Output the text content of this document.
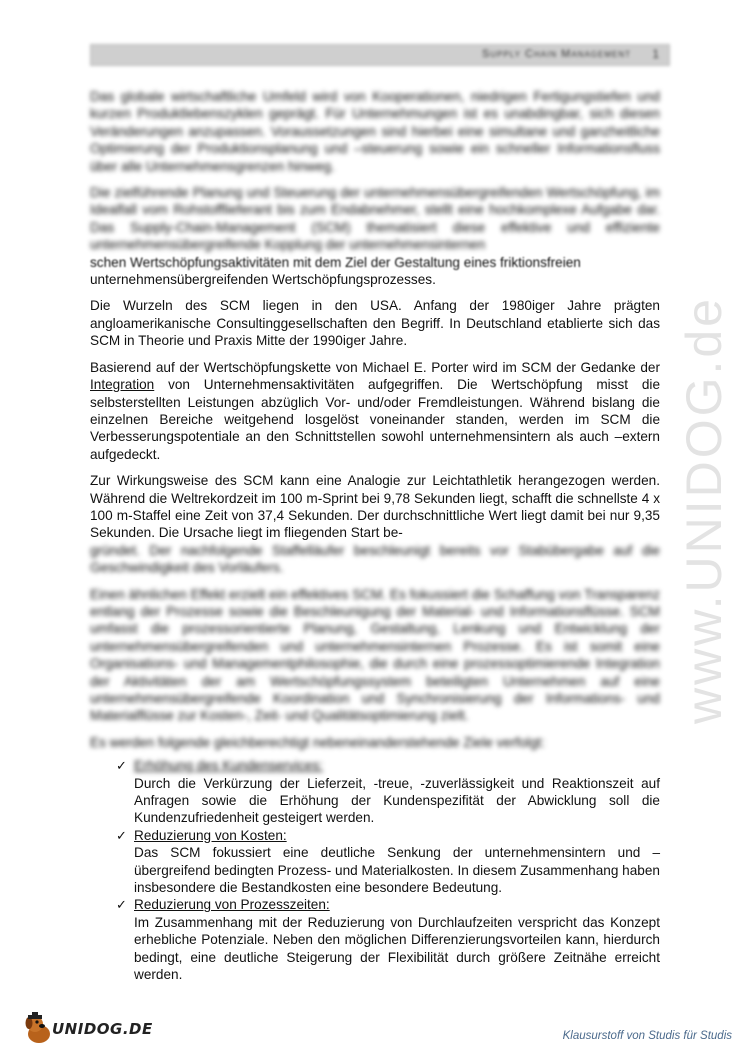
Supply Chain Management 1

Das globale wirtschaftliche Umfeld wird von Kooperationen, niedrigen Fertigungstiefen und kurzen Produktlebenszyklen geprägt. Für Unternehmungen ist es unabdingbar, sich diesen Veränderungen anzupassen. Voraussetzungen sind hierbei eine simultane und ganzheitliche Optimierung der Produktionsplanung und –steuerung sowie ein schneller Informationsfluss über alle Unternehmensgrenzen hinweg.

Die zielführende Planung und Steuerung der unternehmensübergreifenden Wertschöpfung, im Idealfall vom Rohstofflieferant bis zum Endabnehmer, stellt eine hochkomplexe Aufgabe dar. Das Supply-Chain-Management (SCM) thematisiert diese effektive und effiziente unternehmensübergreifende Kopplung der unternehmensinternen

schen Wertschöpfungsaktivitäten mit dem Ziel der Gestaltung eines friktionsfreien

unternehmensübergreifenden Wertschöpfungsprozesses.

Die Wurzeln des SCM liegen in den USA. Anfang der 1980iger Jahre prägten angloamerikanische Consultinggesellschaften den Begriff. In Deutschland etablierte sich das SCM in Theorie und Praxis Mitte der 1990iger Jahre.

Basierend auf der Wertschöpfungskette von Michael E. Porter wird im SCM der Gedanke der Integration von Unternehmensaktivitäten aufgegriffen. Die Wertschöpfung misst die selbsterstellten Leistungen abzüglich Vor- und/oder Fremdleistungen. Während bislang die einzelnen Bereiche weitgehend losgelöst voneinander standen, werden im SCM die Verbesserungspotentiale an den Schnittstellen sowohl unternehmensintern als auch –extern aufgedeckt.

Zur Wirkungsweise des SCM kann eine Analogie zur Leichtathletik herangezogen werden. Während die Weltrekordzeit im 100 m-Sprint bei 9,78 Sekunden liegt, schafft die schnellste 4 x 100 m-Staffel eine Zeit von 37,4 Sekunden. Der durchschnittliche Wert liegt damit bei nur 9,35 Sekunden. Die Ursache liegt im fliegenden Start be-

gründet. Der nachfolgende Staffelläufer beschleunigt bereits vor Stabübergabe auf die Geschwindigkeit des Vorläufers.

Einen ähnlichen Effekt erzielt ein effektives SCM. Es fokussiert die Schaffung von Transparenz entlang der Prozesse sowie die Beschleunigung der Material- und Informationsflüsse. SCM umfasst die prozessorientierte Planung, Gestaltung, Lenkung und Entwicklung der unternehmensübergreifenden und unternehmensinternen Prozesse. Es ist somit eine Organisations- und Managementphilosophie, die durch eine prozessoptimierende Integration der Aktivitäten der am Wertschöpfungssystem beteiligten Unternehmen auf eine unternehmensübergreifende Koordination und Synchronisierung der Informations- und Materialflüsse zur Kosten-, Zeit- und Qualitätsoptimierung zielt.

Es werden folgende gleichberechtigt nebeneinanderstehende Ziele verfolgt:

✓ Erhöhung des Kundenservices:
Durch die Verkürzung der Lieferzeit, -treue, -zuverlässigkeit und Reaktionszeit auf Anfragen sowie die Erhöhung der Kundenspezifität der Abwicklung soll die Kundenzufriedenheit gesteigert werden.
✓ Reduzierung von Kosten:
Das SCM fokussiert eine deutliche Senkung der unternehmensintern und –übergreifend bedingten Prozess- und Materialkosten. In diesem Zusammenhang haben insbesondere die Bestandkosten eine besondere Bedeutung.
✓ Reduzierung von Prozesszeiten:
Im Zusammenhang mit der Reduzierung von Durchlaufzeiten verspricht das Konzept erhebliche Potenziale. Neben den möglichen Differenzierungsvorteilen kann, hierdurch bedingt, eine deutliche Steigerung der Flexibilität durch größere Zeitnähe erreicht werden.
www.UNIDOG.de
UNIDOG.DE	Klausurstoff von Studis für Studis
